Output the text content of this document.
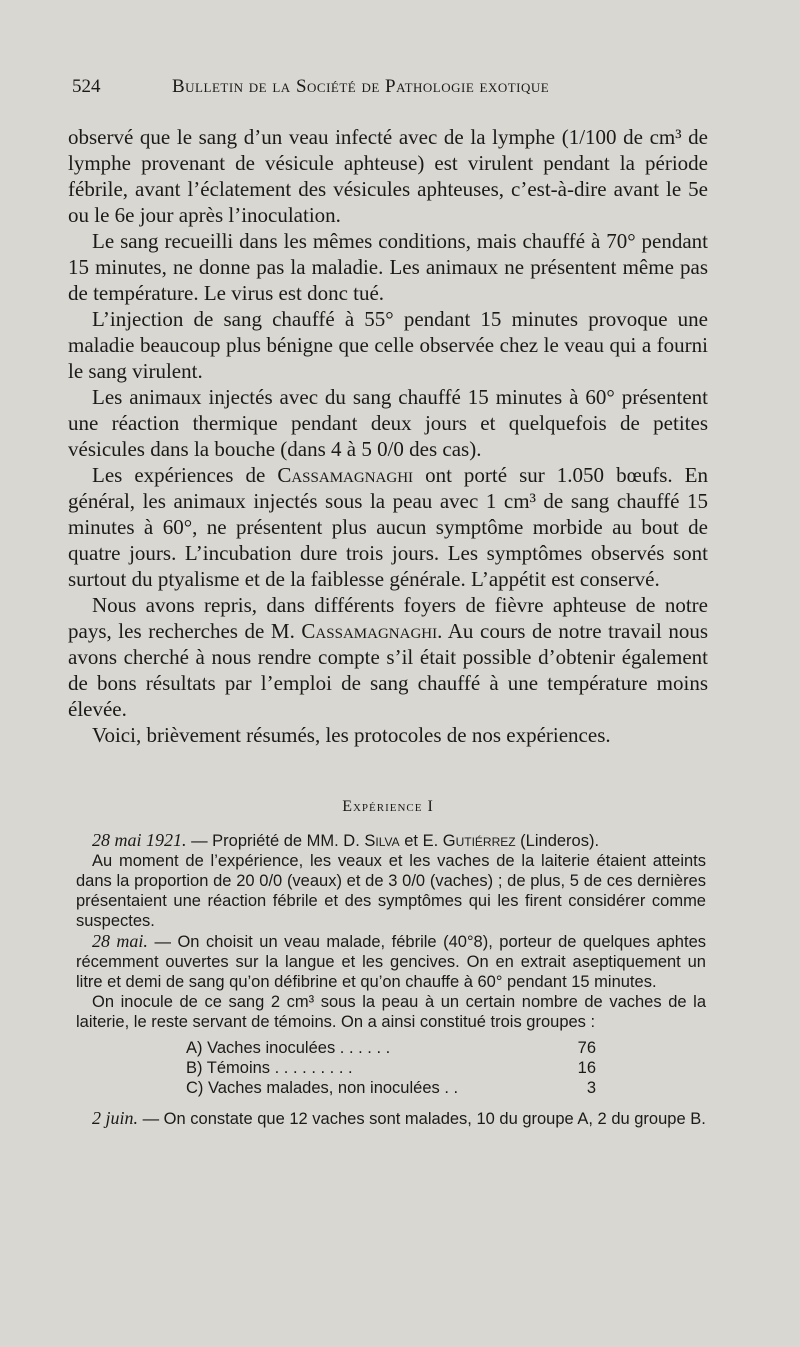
524	Bulletin de la Société de Pathologie exotique

observé que le sang d’un veau infecté avec de la lymphe (1/100 de cm³ de lymphe provenant de vésicule aphteuse) est virulent pendant la période fébrile, avant l’éclatement des vésicules aphteuses, c’est-à-dire avant le 5e ou le 6e jour après l’inoculation.

Le sang recueilli dans les mêmes conditions, mais chauffé à 70° pendant 15 minutes, ne donne pas la maladie. Les animaux ne présentent même pas de température. Le virus est donc tué.

L’injection de sang chauffé à 55° pendant 15 minutes provoque une maladie beaucoup plus bénigne que celle observée chez le veau qui a fourni le sang virulent.

Les animaux injectés avec du sang chauffé 15 minutes à 60° présentent une réaction thermique pendant deux jours et quelquefois de petites vésicules dans la bouche (dans 4 à 5 0/0 des cas).

Les expériences de Cassamagnaghi ont porté sur 1.050 bœufs. En général, les animaux injectés sous la peau avec 1 cm³ de sang chauffé 15 minutes à 60°, ne présentent plus aucun symptôme morbide au bout de quatre jours. L’incubation dure trois jours. Les symptômes observés sont surtout du ptyalisme et de la faiblesse générale. L’appétit est conservé.

Nous avons repris, dans différents foyers de fièvre aphteuse de notre pays, les recherches de M. Cassamagnaghi. Au cours de notre travail nous avons cherché à nous rendre compte s’il était possible d’obtenir également de bons résultats par l’emploi de sang chauffé à une température moins élevée.

Voici, brièvement résumés, les protocoles de nos expériences.

Expérience I

28 mai 1921. — Propriété de MM. D. Silva et E. Gutiérrez (Linderos).

Au moment de l’expérience, les veaux et les vaches de la laiterie étaient atteints dans la proportion de 20 0/0 (veaux) et de 3 0/0 (vaches) ; de plus, 5 de ces dernières présentaient une réaction fébrile et des symptômes qui les firent considérer comme suspectes.

28 mai. — On choisit un veau malade, fébrile (40°8), porteur de quelques aphtes récemment ouvertes sur la langue et les gencives. On en extrait aseptiquement un litre et demi de sang qu’on défibrine et qu’on chauffe à 60° pendant 15 minutes.

On inocule de ce sang 2 cm³ sous la peau à un certain nombre de vaches de la laiterie, le reste servant de témoins. On a ainsi constitué trois groupes :

A) Vaches inoculées . . . . . .	76
B) Témoins . . . . . . . . .	16
C) Vaches malades, non inoculées . .	3

2 juin. — On constate que 12 vaches sont malades, 10 du groupe A, 2 du groupe B.
